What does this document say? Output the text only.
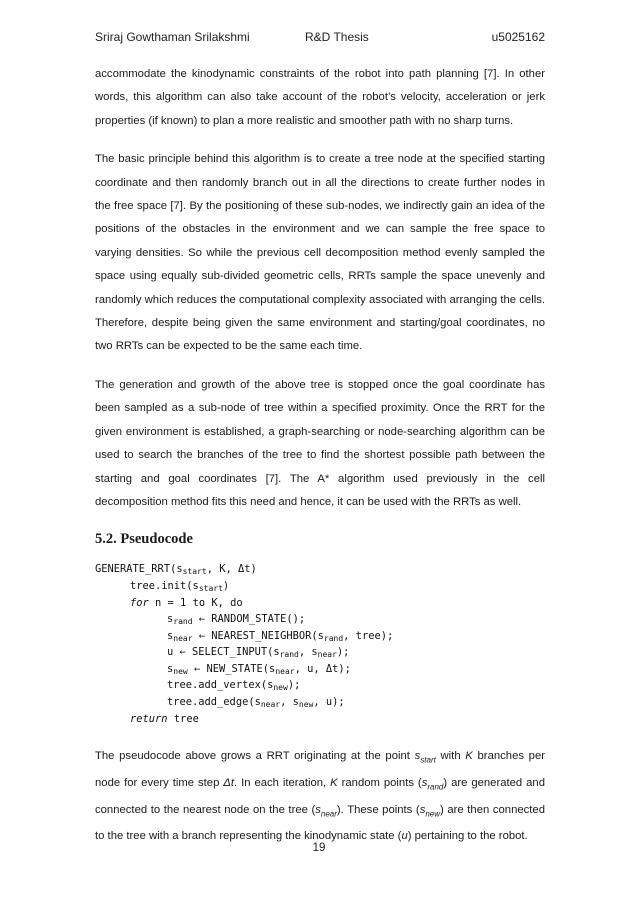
Sriraj Gowthaman Srilakshmi	R&D Thesis	u5025162

accommodate the kinodynamic constraints of the robot into path planning [7]. In other words, this algorithm can also take account of the robot’s velocity, acceleration or jerk properties (if known) to plan a more realistic and smoother path with no sharp turns.

The basic principle behind this algorithm is to create a tree node at the specified starting coordinate and then randomly branch out in all the directions to create further nodes in the free space [7]. By the positioning of these sub-nodes, we indirectly gain an idea of the positions of the obstacles in the environment and we can sample the free space to varying densities. So while the previous cell decomposition method evenly sampled the space using equally sub-divided geometric cells, RRTs sample the space unevenly and randomly which reduces the computational complexity associated with arranging the cells. Therefore, despite being given the same environment and starting/goal coordinates, no two RRTs can be expected to be the same each time.

The generation and growth of the above tree is stopped once the goal coordinate has been sampled as a sub-node of tree within a specified proximity. Once the RRT for the given environment is established, a graph-searching or node-searching algorithm can be used to search the branches of the tree to find the shortest possible path between the starting and goal coordinates [7]. The A* algorithm used previously in the cell decomposition method fits this need and hence, it can be used with the RRTs as well.

5.2. Pseudocode
$GENERATE\_RRT(s_{start}$, K, Δt)
$tree.init(s_{start})$
for n = 1 to K, do
$s_{rand}$ ← RANDOM_STATE();
$s_{near}$ ← $NEAREST\_NEIGHBOR(s_{rand}$, tree);
u ← $SELECT\_INPUT(s_{rand}$, $s_{near}$);
$s_{new}$ ← $NEW\_STATE(s_{near}$, u, Δt);
$tree.add\_vertex(s_{new})$;
$tree.add\_edge(s_{near}$, $s_{new}$, u);
return tree

The pseudocode above grows a RRT originating at the point $s_{start}$ with K branches per node for every time step Δt. In each iteration, K random points $(s_{rand})$ are generated and connected to the nearest node on the tree $(s_{near})$. These points $(s_{new})$ are then connected to the tree with a branch representing the kinodynamic state (u) pertaining to the robot.

19
